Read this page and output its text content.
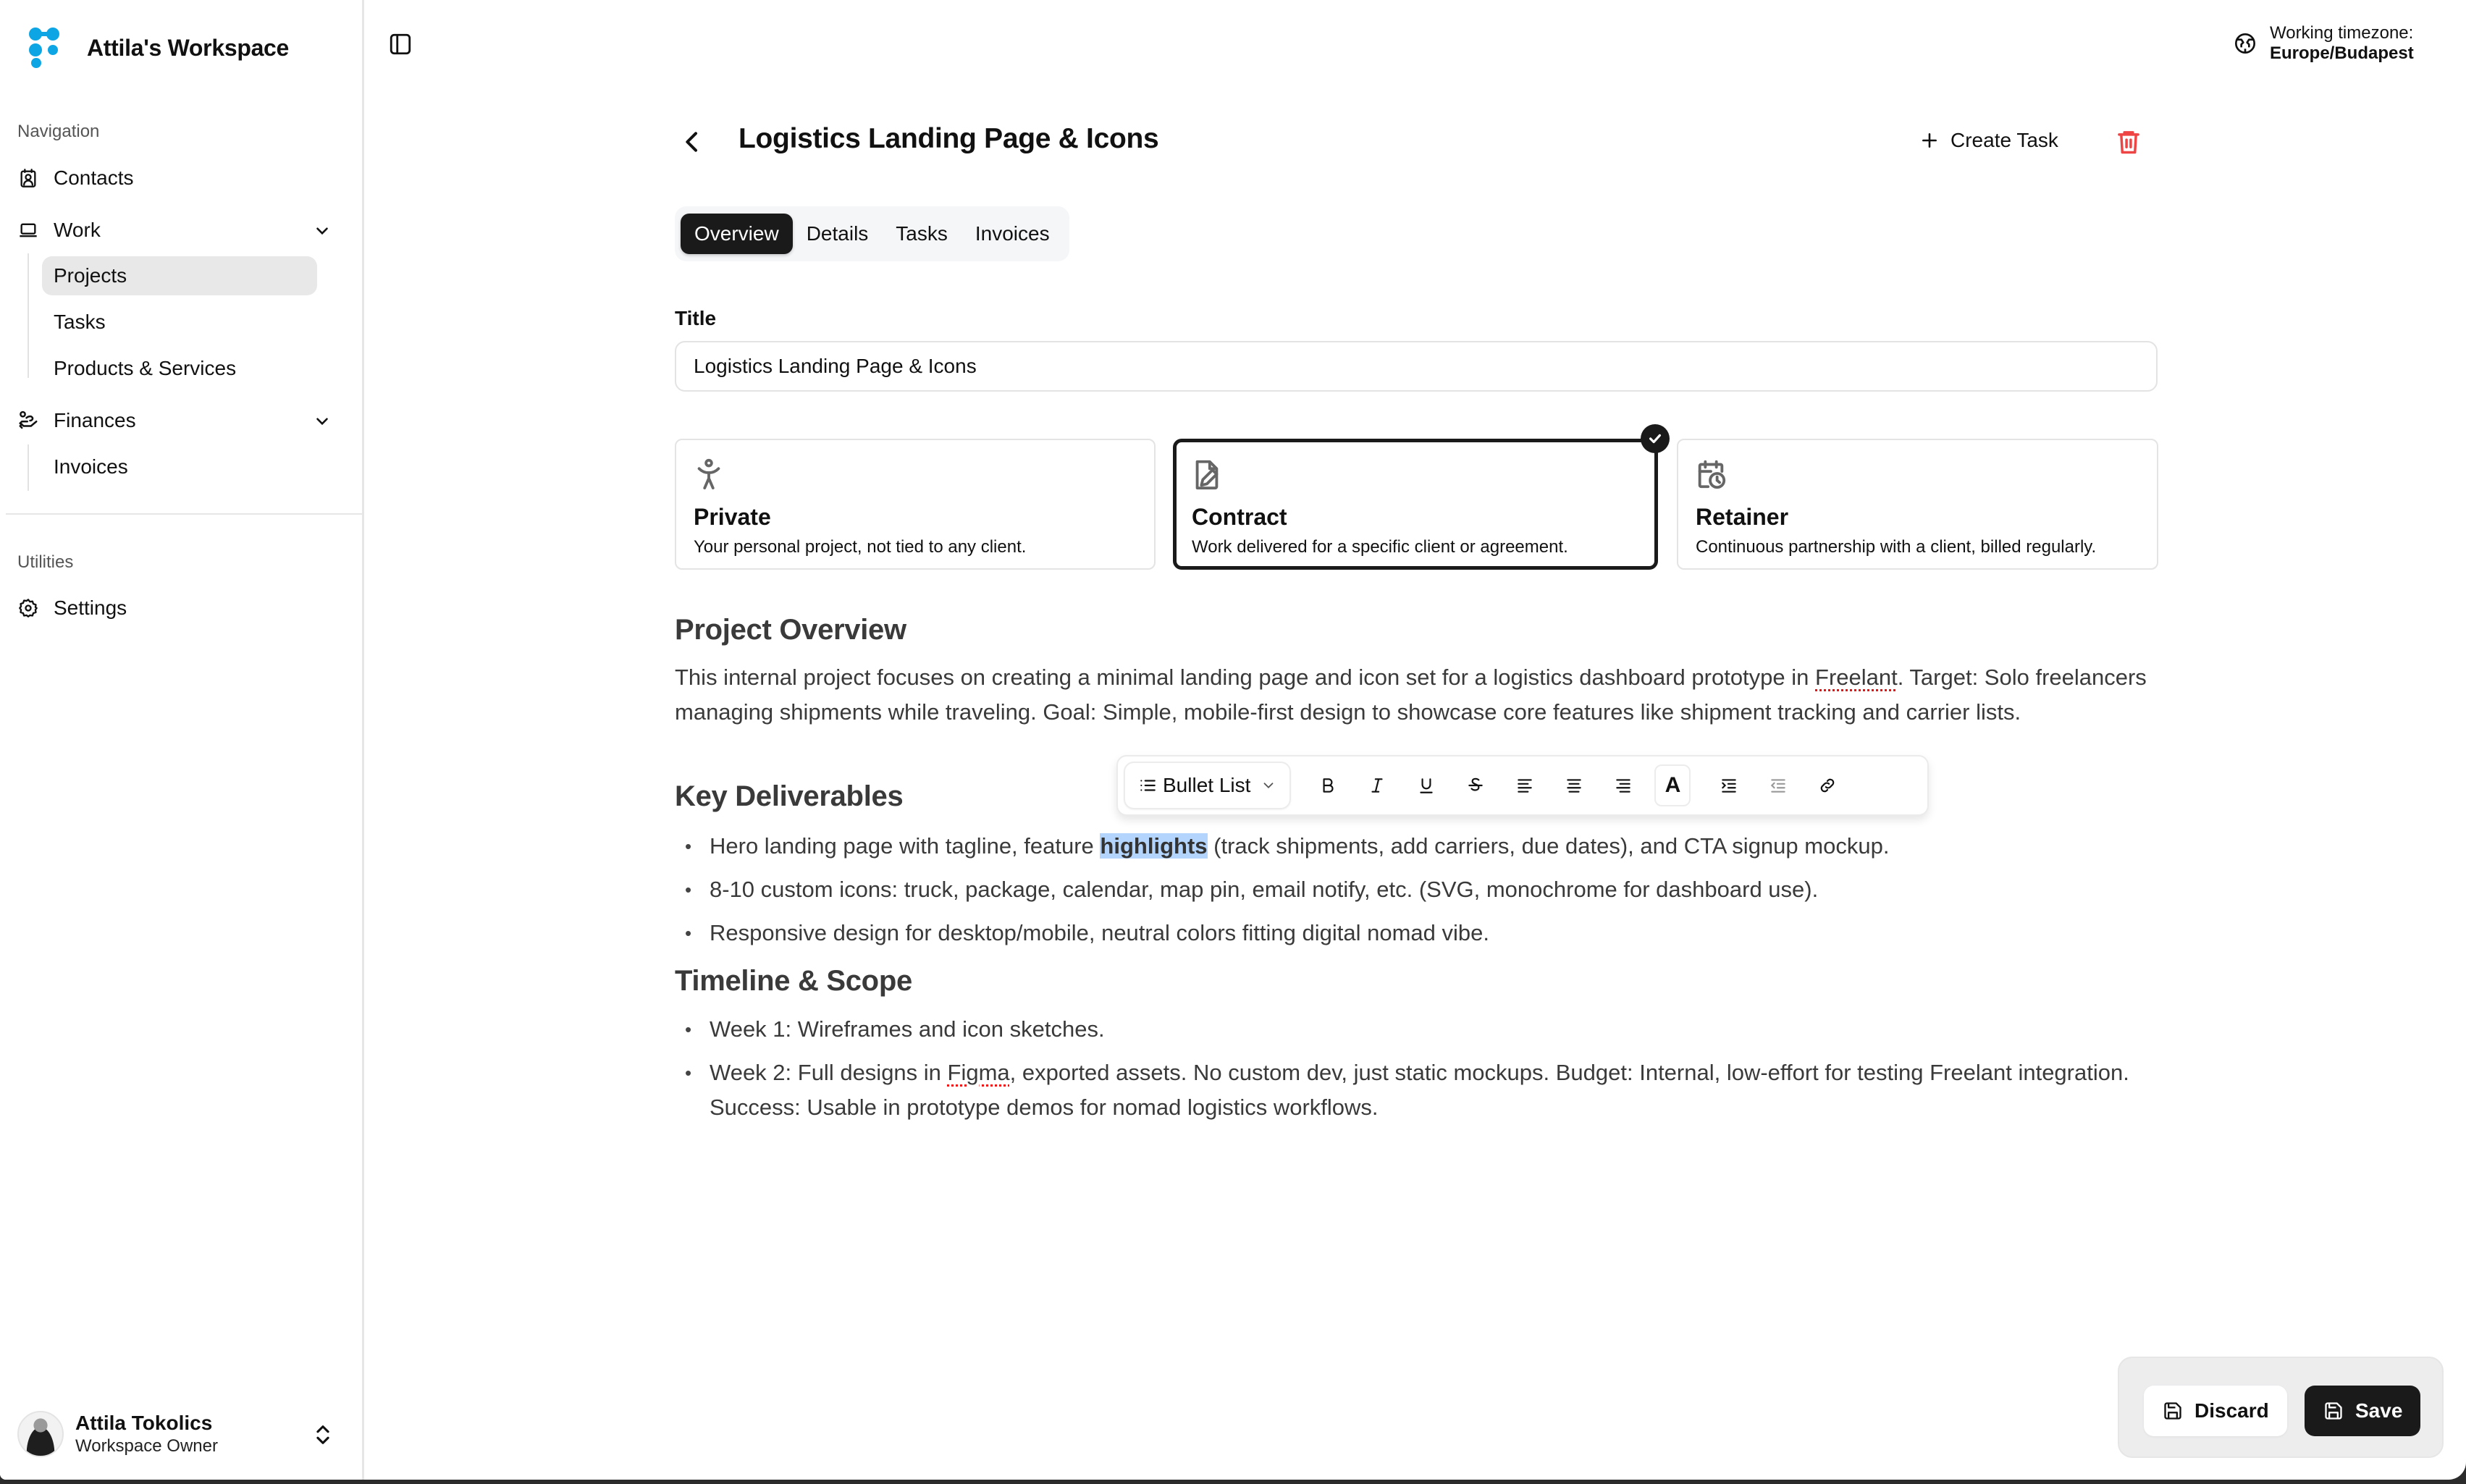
Attila's Workspace
Navigation
Contacts
Work
Projects
Tasks
Products & Services
Finances
Invoices
Utilities
Settings
Attila Tokolics
Workspace Owner
Working timezone:
Europe/Budapest
Logistics Landing Page & Icons	Create Task
Overview	Details	Tasks	Invoices
Title
Logistics Landing Page & Icons
Private
Your personal project, not tied to any client.
Contract
Work delivered for a specific client or agreement.
Retainer
Continuous partnership with a client, billed regularly.
Project Overview

This internal project focuses on creating a minimal landing page and icon set for a logistics dashboard prototype in Freelant. Target: Solo freelancers managing shipments while traveling. Goal: Simple, mobile-first design to showcase core features like shipment tracking and carrier lists.

Key Deliverables
• Hero landing page with tagline, feature highlights (track shipments, add carriers, due dates), and CTA signup mockup.
• 8-10 custom icons: truck, package, calendar, map pin, email notify, etc. (SVG, monochrome for dashboard use).
• Responsive design for desktop/mobile, neutral colors fitting digital nomad vibe.
Timeline & Scope
• Week 1: Wireframes and icon sketches.
• Week 2: Full designs in Figma, exported assets. No custom dev, just static mockups. Budget: Internal, low-effort for testing Freelant integration. Success: Usable in prototype demos for nomad logistics workflows.
Bullet List	A
Discard	Save
